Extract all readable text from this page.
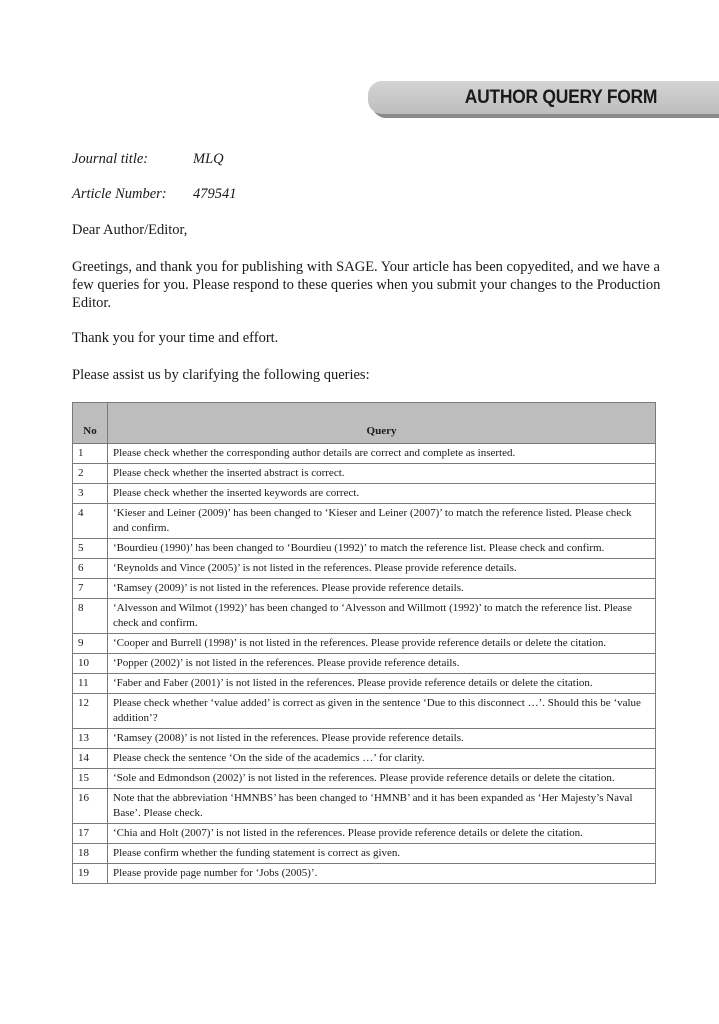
AUTHOR QUERY FORM
Journal title:	MLQ
Article Number: 479541
Dear Author/Editor,
Greetings, and thank you for publishing with SAGE. Your article has been copyedited, and we have a few queries for you. Please respond to these queries when you submit your changes to the Production Editor.
Thank you for your time and effort.
Please assist us by clarifying the following queries:
No	Query
1	Please check whether the corresponding author details are correct and complete as inserted.
2	Please check whether the inserted abstract is correct.
3	Please check whether the inserted keywords are correct.
4	‘Kieser and Leiner (2009)’ has been changed to ‘Kieser and Leiner (2007)’ to match the reference listed. Please check and confirm.
5	‘Bourdieu (1990)’ has been changed to ‘Bourdieu (1992)’ to match the reference list. Please check and confirm.
6	‘Reynolds and Vince (2005)’ is not listed in the references. Please provide reference details.
7	‘Ramsey (2009)’ is not listed in the references. Please provide reference details.
8	‘Alvesson and Wilmot (1992)’ has been changed to ‘Alvesson and Willmott (1992)’ to match the reference list. Please check and confirm.
9	‘Cooper and Burrell (1998)’ is not listed in the references. Please provide reference details or delete the citation.
10	‘Popper (2002)’ is not listed in the references. Please provide reference details.
11	‘Faber and Faber (2001)’ is not listed in the references. Please provide reference details or delete the citation.
12	Please check whether ‘value added’ is correct as given in the sentence ‘Due to this disconnect …’. Should this be ‘value addition’?
13	‘Ramsey (2008)’ is not listed in the references. Please provide reference details.
14	Please check the sentence ‘On the side of the academics …’ for clarity.
15	‘Sole and Edmondson (2002)’ is not listed in the references. Please provide reference details or delete the citation.
16	Note that the abbreviation ‘HMNBS’ has been changed to ‘HMNB’ and it has been expanded as ‘Her Majesty’s Naval Base’. Please check.
17	‘Chia and Holt (2007)’ is not listed in the references. Please provide reference details or delete the citation.
18	Please confirm whether the funding statement is correct as given.
19	Please provide page number for ‘Jobs (2005)’.
